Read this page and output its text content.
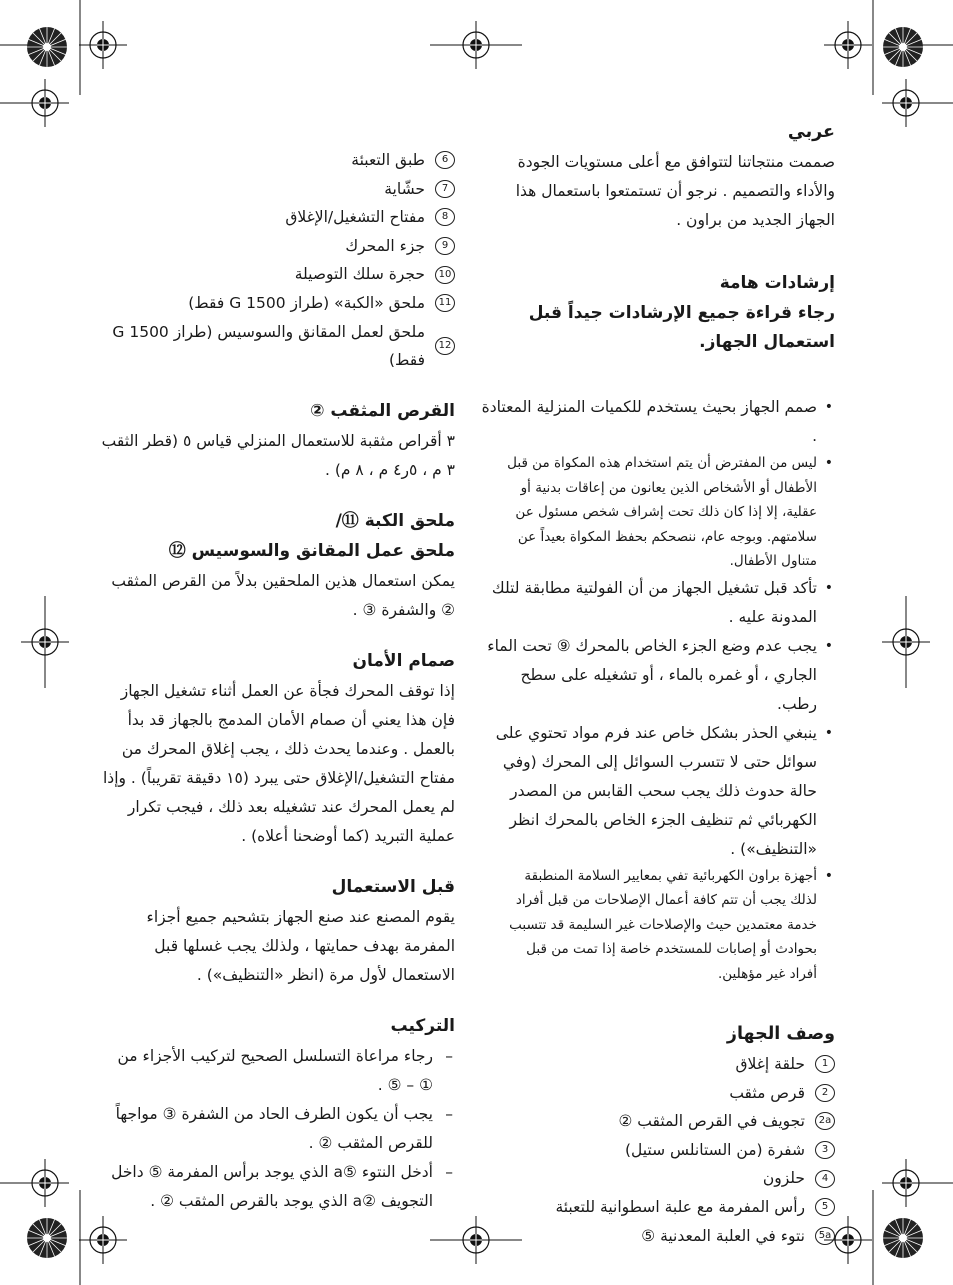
عربي

صممت منتجاتنا لتتوافق مع أعلى مستويات الجودة والأداء والتصميم . نرجو أن تستمتعوا باستعمال هذا الجهاز الجديد من براون .

إرشادات هامة
رجاء قراءة جميع الإرشادات جيداً قبل استعمال الجهاز.
• صمم الجهاز بحيث يستخدم للكميات المنزلية المعتادة .
• ليس من المفترض أن يتم استخدام هذه المكواة من قبل الأطفال أو الأشخاص الذين يعانون من إعاقات بدنية أو عقلية، إلا إذا كان ذلك تحت إشراف شخص مسئول عن سلامتهم. وبوجه عام، ننصحكم بحفظ المكواة بعيداً عن متناول الأطفال.
• تأكد قبل تشغيل الجهاز من أن الفولتية مطابقة لتلك المدونة عليه .
• يجب عدم وضع الجزء الخاص بالمحرك ⑨ تحت الماء الجاري ، أو غمره بالماء ، أو تشغيله على سطح رطب.
• ينبغي الحذر بشكل خاص عند فرم مواد تحتوي على سوائل حتى لا تتسرب السوائل إلى المحرك (وفي حالة حدوث ذلك يجب سحب القابس من المصدر الكهربائي ثم تنظيف الجزء الخاص بالمحرك انظر «التنظيف») .
• أجهزة براون الكهربائية تفي بمعايير السلامة المنطبقة لذلك يجب أن تتم كافة أعمال الإصلاحات من قبل أفراد خدمة معتمدين حيث والإصلاحات غير السليمة قد تتسبب بحوادث أو إصابات للمستخدم خاصة إذا تمت من قبل أفراد غير مؤهلين.
وصف الجهاز
1
حلقة إغلاق
2
قرص مثقب
2a
تجويف في القرص المثقب ②
3
شفرة (من الستانلس ستيل)
4
حلزون
5
رأس المفرمة مع علبة اسطوانية للتعبئة
5a
نتوء في العلبة المعدنية ⑤
6
طبق التعبئة
7
حشّاية
8
مفتاح التشغيل/الإغلاق
9
جزء المحرك
10
حجرة سلك التوصيلة
11
ملحق «الكبة» (طراز G 1500 فقط)
12
ملحق لعمل المقانق والسوسيس (طراز G 1500 فقط)
القرص المثقب ②

٣ أقراص مثقبة للاستعمال المنزلي قياس ٥ (قطر الثقب ٣ م ، ٥ر٤ م ، ٨ م) .

ملحق الكبة ⑪/
ملحق عمل المقانق والسوسيس ⑫

يمكن استعمال هذين الملحقين بدلاً من القرص المثقب ② والشفرة ③ .

صمام الأمان

إذا توقف المحرك فجأة عن العمل أثناء تشغيل الجهاز فإن هذا يعني أن صمام الأمان المدمج بالجهاز قد بدأ بالعمل . وعندما يحدث ذلك ، يجب إغلاق المحرك من مفتاح التشغيل/الإغلاق حتى يبرد (١٥ دقيقة تقريباً) . وإذا لم يعمل المحرك عند تشغيله بعد ذلك ، فيجب تكرار عملية التبريد (كما أوضحنا أعلاه) .

قبل الاستعمال

يقوم المصنع عند صنع الجهاز بتشحيم جميع أجزاء المفرمة بهدف حمايتها ، ولذلك يجب غسلها قبل الاستعمال لأول مرة (انظر «التنظيف») .

التركيب
– رجاء مراعاة التسلسل الصحيح لتركيب الأجزاء من ① – ⑤ .
– يجب أن يكون الطرف الحاد من الشفرة ③ مواجهاً للقرص المثقب ② .
– أدخل النتوء ⑤a الذي يوجد برأس المفرمة ⑤ داخل التجويف ②a الذي يوجد بالقرص المثقب ② .
